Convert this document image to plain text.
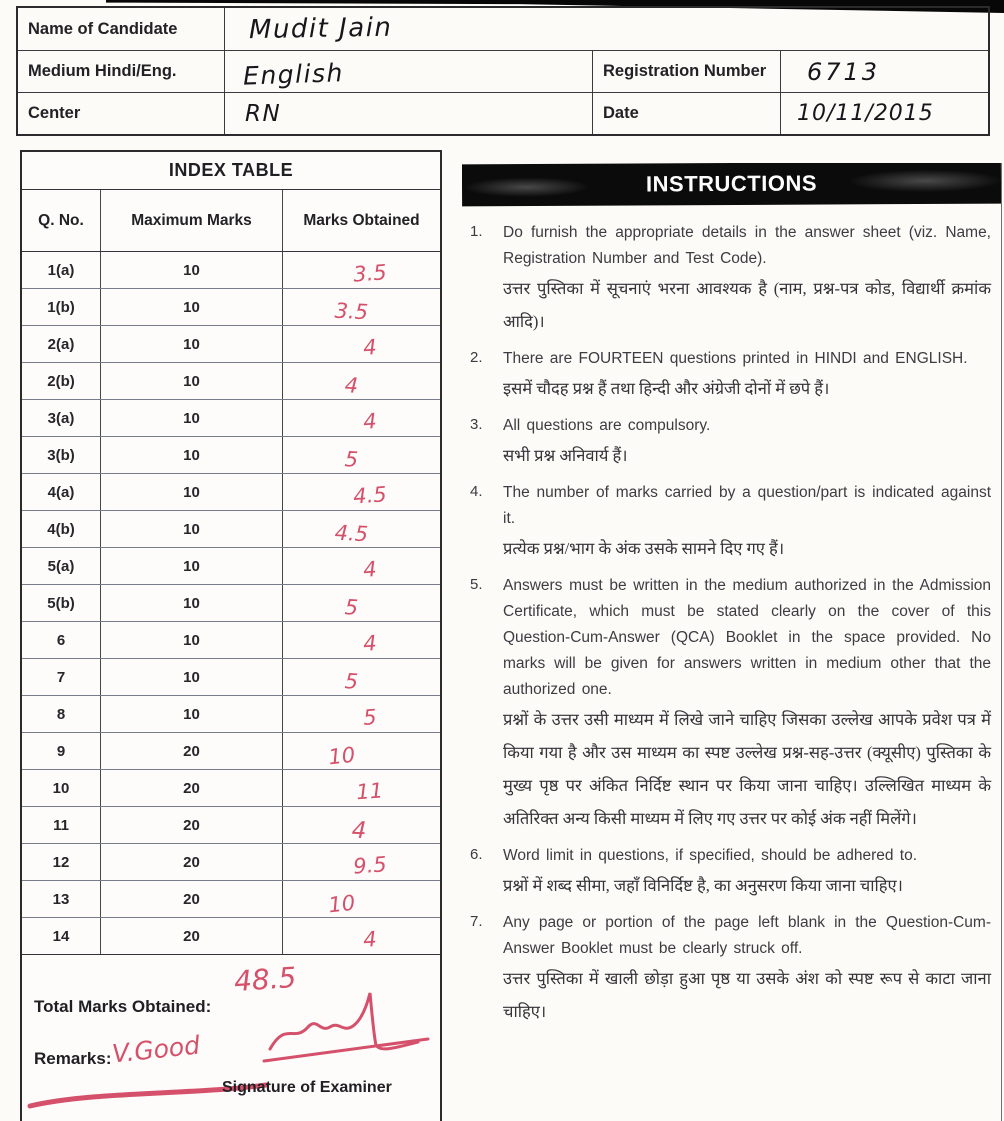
Name of Candidate	Mudit Jain
Medium Hindi/Eng.	English	Registration Number	6713
Center	RN	Date	10/11/2015
INDEX TABLE
Q. No.	Maximum Marks	Marks Obtained
1(a)	10	3.5
1(b)	10	3.5
2(a)	10	4
2(b)	10	4
3(a)	10	4
3(b)	10	5
4(a)	10	4.5
4(b)	10	4.5
5(a)	10	4
5(b)	10	5
6	10	4
7	10	5
8	10	5
9	20	10
10	20	11
11	20	4
12	20	9.5
13	20	10
14	20	4
Total Marks Obtained:
48.5
Remarks: V.Good
Signature of Examiner
INSTRUCTIONS
1.	Do furnish the appropriate details in the answer sheet (viz. Name, Registration Number and Test Code).
उत्तर पुस्तिका में सूचनाएं भरना आवश्यक है (नाम, प्रश्न-पत्र कोड, विद्यार्थी क्रमांक आदि)।
2.	There are FOURTEEN questions printed in HINDI and ENGLISH.
इसमें चौदह प्रश्न हैं तथा हिन्दी और अंग्रेजी दोनों में छपे हैं।
3.	All questions are compulsory.
सभी प्रश्न अनिवार्य हैं।
4.	The number of marks carried by a question/part is indicated against it.
प्रत्येक प्रश्न/भाग के अंक उसके सामने दिए गए हैं।
5.	Answers must be written in the medium authorized in the Admission Certificate, which must be stated clearly on the cover of this Question-Cum-Answer (QCA) Booklet in the space provided. No marks will be given for answers written in medium other that the authorized one.
प्रश्नों के उत्तर उसी माध्यम में लिखे जाने चाहिए जिसका उल्लेख आपके प्रवेश पत्र में किया गया है और उस माध्यम का स्पष्ट उल्लेख प्रश्न-सह-उत्तर (क्यूसीए) पुस्तिका के मुख्य पृष्ठ पर अंकित निर्दिष्ट स्थान पर किया जाना चाहिए। उल्लिखित माध्यम के अतिरिक्त अन्य किसी माध्यम में लिए गए उत्तर पर कोई अंक नहीं मिलेंगे।
6.	Word limit in questions, if specified, should be adhered to.
प्रश्नों में शब्द सीमा, जहाँ विनिर्दिष्ट है, का अनुसरण किया जाना चाहिए।
7.	Any page or portion of the page left blank in the Question-Cum-Answer Booklet must be clearly struck off.
उत्तर पुस्तिका में खाली छोड़ा हुआ पृष्ठ या उसके अंश को स्पष्ट रूप से काटा जाना चाहिए।
